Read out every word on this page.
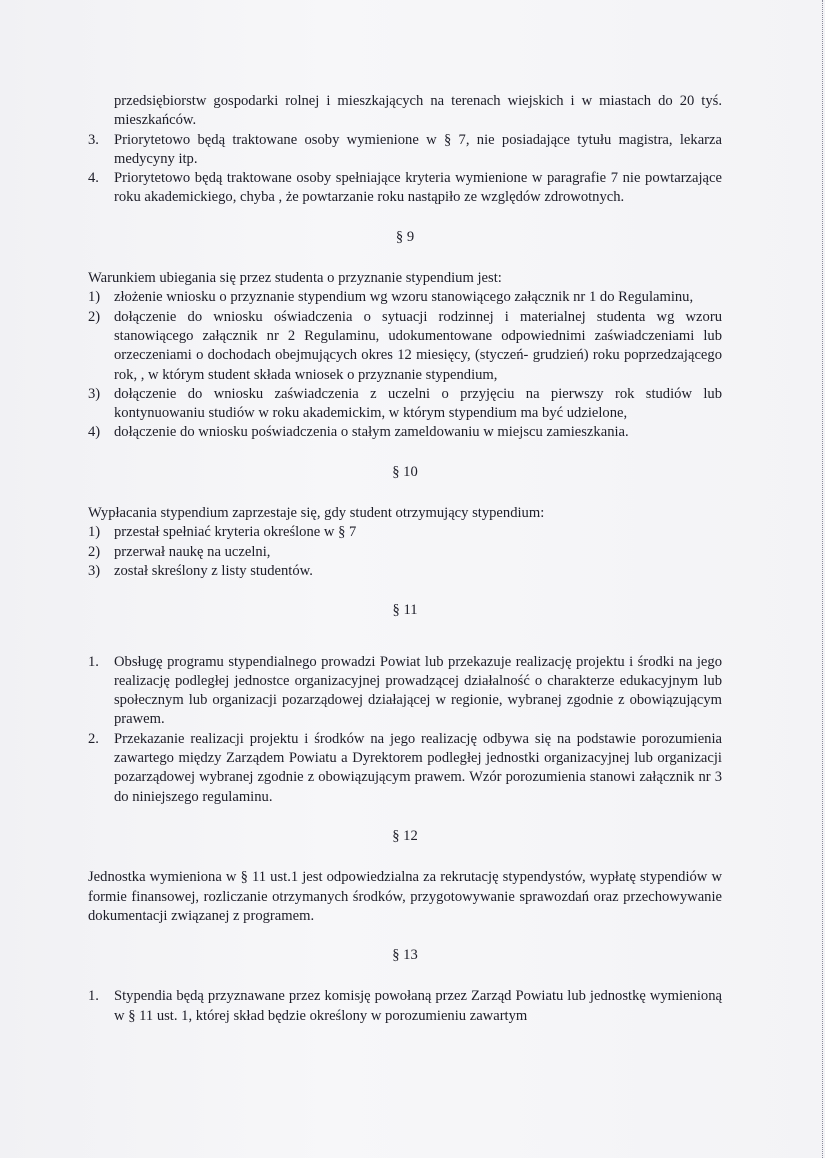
przedsiębiorstw gospodarki rolnej i mieszkających na terenach wiejskich i w miastach do 20 tyś. mieszkańców.

3. Priorytetowo będą traktowane osoby wymienione w § 7, nie posiadające tytułu magistra, lekarza medycyny itp.
4. Priorytetowo będą traktowane osoby spełniające kryteria wymienione w paragrafie 7 nie powtarzające roku akademickiego, chyba , że powtarzanie roku nastąpiło ze względów zdrowotnych.
§ 9

Warunkiem ubiegania się przez studenta o przyznanie stypendium jest:

1) złożenie wniosku o przyznanie stypendium wg wzoru stanowiącego załącznik nr 1 do Regulaminu,
2) dołączenie do wniosku oświadczenia o sytuacji rodzinnej i materialnej studenta wg wzoru stanowiącego załącznik nr 2 Regulaminu, udokumentowane odpowiednimi zaświadczeniami lub orzeczeniami o dochodach obejmujących okres 12 miesięcy, (styczeń- grudzień) roku poprzedzającego rok, , w którym student składa wniosek o przyznanie stypendium,
3) dołączenie do wniosku zaświadczenia z uczelni o przyjęciu na pierwszy rok studiów lub kontynuowaniu studiów w roku akademickim, w którym stypendium ma być udzielone,
4) dołączenie do wniosku poświadczenia o stałym zameldowaniu w miejscu zamieszkania.
§ 10

Wypłacania stypendium zaprzestaje się, gdy student otrzymujący stypendium:

1) przestał spełniać kryteria określone w § 7
2) przerwał naukę na uczelni,
3) został skreślony z listy studentów.
§ 11
1. Obsługę programu stypendialnego prowadzi Powiat lub przekazuje realizację projektu i środki na jego realizację podległej jednostce organizacyjnej prowadzącej działalność o charakterze edukacyjnym lub społecznym lub organizacji pozarządowej działającej w regionie, wybranej zgodnie z obowiązującym prawem.
2. Przekazanie realizacji projektu i środków na jego realizację odbywa się na podstawie porozumienia zawartego między Zarządem Powiatu a Dyrektorem podległej jednostki organizacyjnej lub organizacji pozarządowej wybranej zgodnie z obowiązującym prawem. Wzór porozumienia stanowi załącznik nr 3 do niniejszego regulaminu.
§ 12

Jednostka wymieniona w § 11 ust.1 jest odpowiedzialna za rekrutację stypendystów, wypłatę stypendiów w formie finansowej, rozliczanie otrzymanych środków, przygotowywanie sprawozdań oraz przechowywanie dokumentacji związanej z programem.

§ 13
1. Stypendia będą przyznawane przez komisję powołaną przez Zarząd Powiatu lub jednostkę wymienioną w § 11 ust. 1, której skład będzie określony w porozumieniu zawartym
